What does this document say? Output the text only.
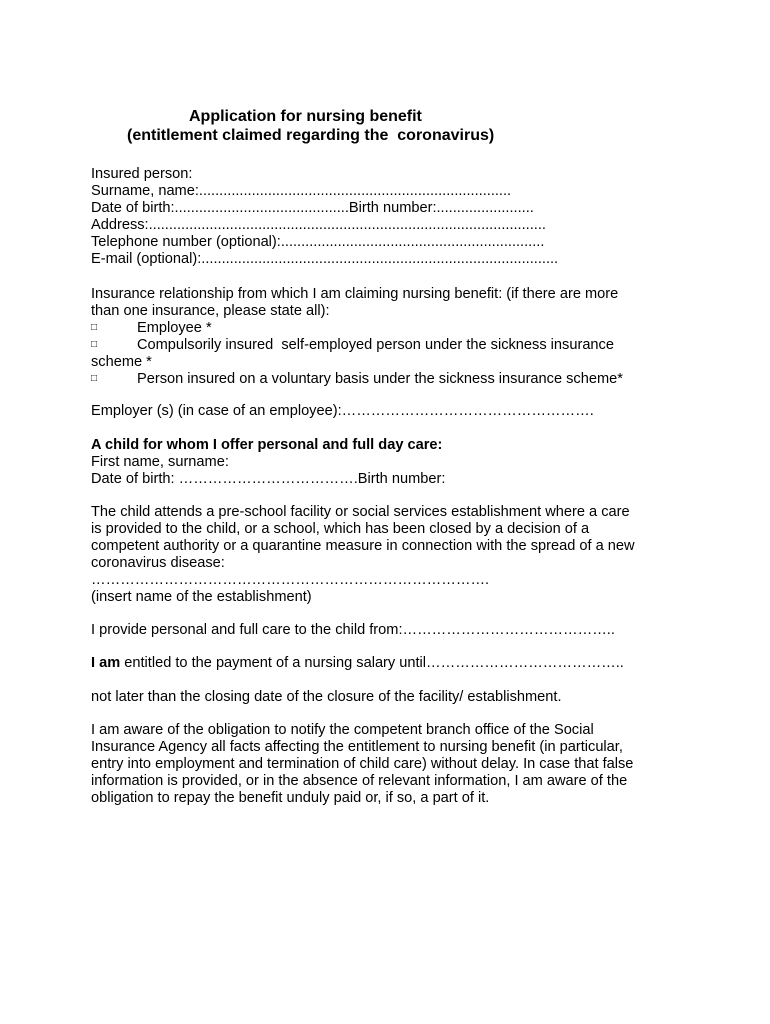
Application for nursing benefit
(entitlement claimed regarding the  coronavirus)
Insured person:
Surname, name:.............................................................................
Date of birth:...........................................Birth number:........................
Address:..................................................................................................
Telephone number (optional):.................................................................
E-mail (optional):........................................................................................
Insurance relationship from which I am claiming nursing benefit: (if there are more
than one insurance, please state all):
□	Employee *
□	Compulsorily insured  self-employed person under the sickness insurance
scheme *
□	Person insured on a voluntary basis under the sickness insurance scheme*
Employer (s) (in case of an employee):…………………………………………….
A child for whom I offer personal and full day care:
First name, surname:
Date of birth: ……………………………….Birth number:
The child attends a pre-school facility or social services establishment where a care
is provided to the child, or a school, which has been closed by a decision of a
competent authority or a quarantine measure in connection with the spread of a new
coronavirus disease:
……………………………………………………………………….
(insert name of the establishment)
I provide personal and full care to the child from:……………………………………..
I am entitled to the payment of a nursing salary until…………………………………..
not later than the closing date of the closure of the facility/ establishment.
I am aware of the obligation to notify the competent branch office of the Social
Insurance Agency all facts affecting the entitlement to nursing benefit (in particular,
entry into employment and termination of child care) without delay. In case that false
information is provided, or in the absence of relevant information, I am aware of the
obligation to repay the benefit unduly paid or, if so, a part of it.
